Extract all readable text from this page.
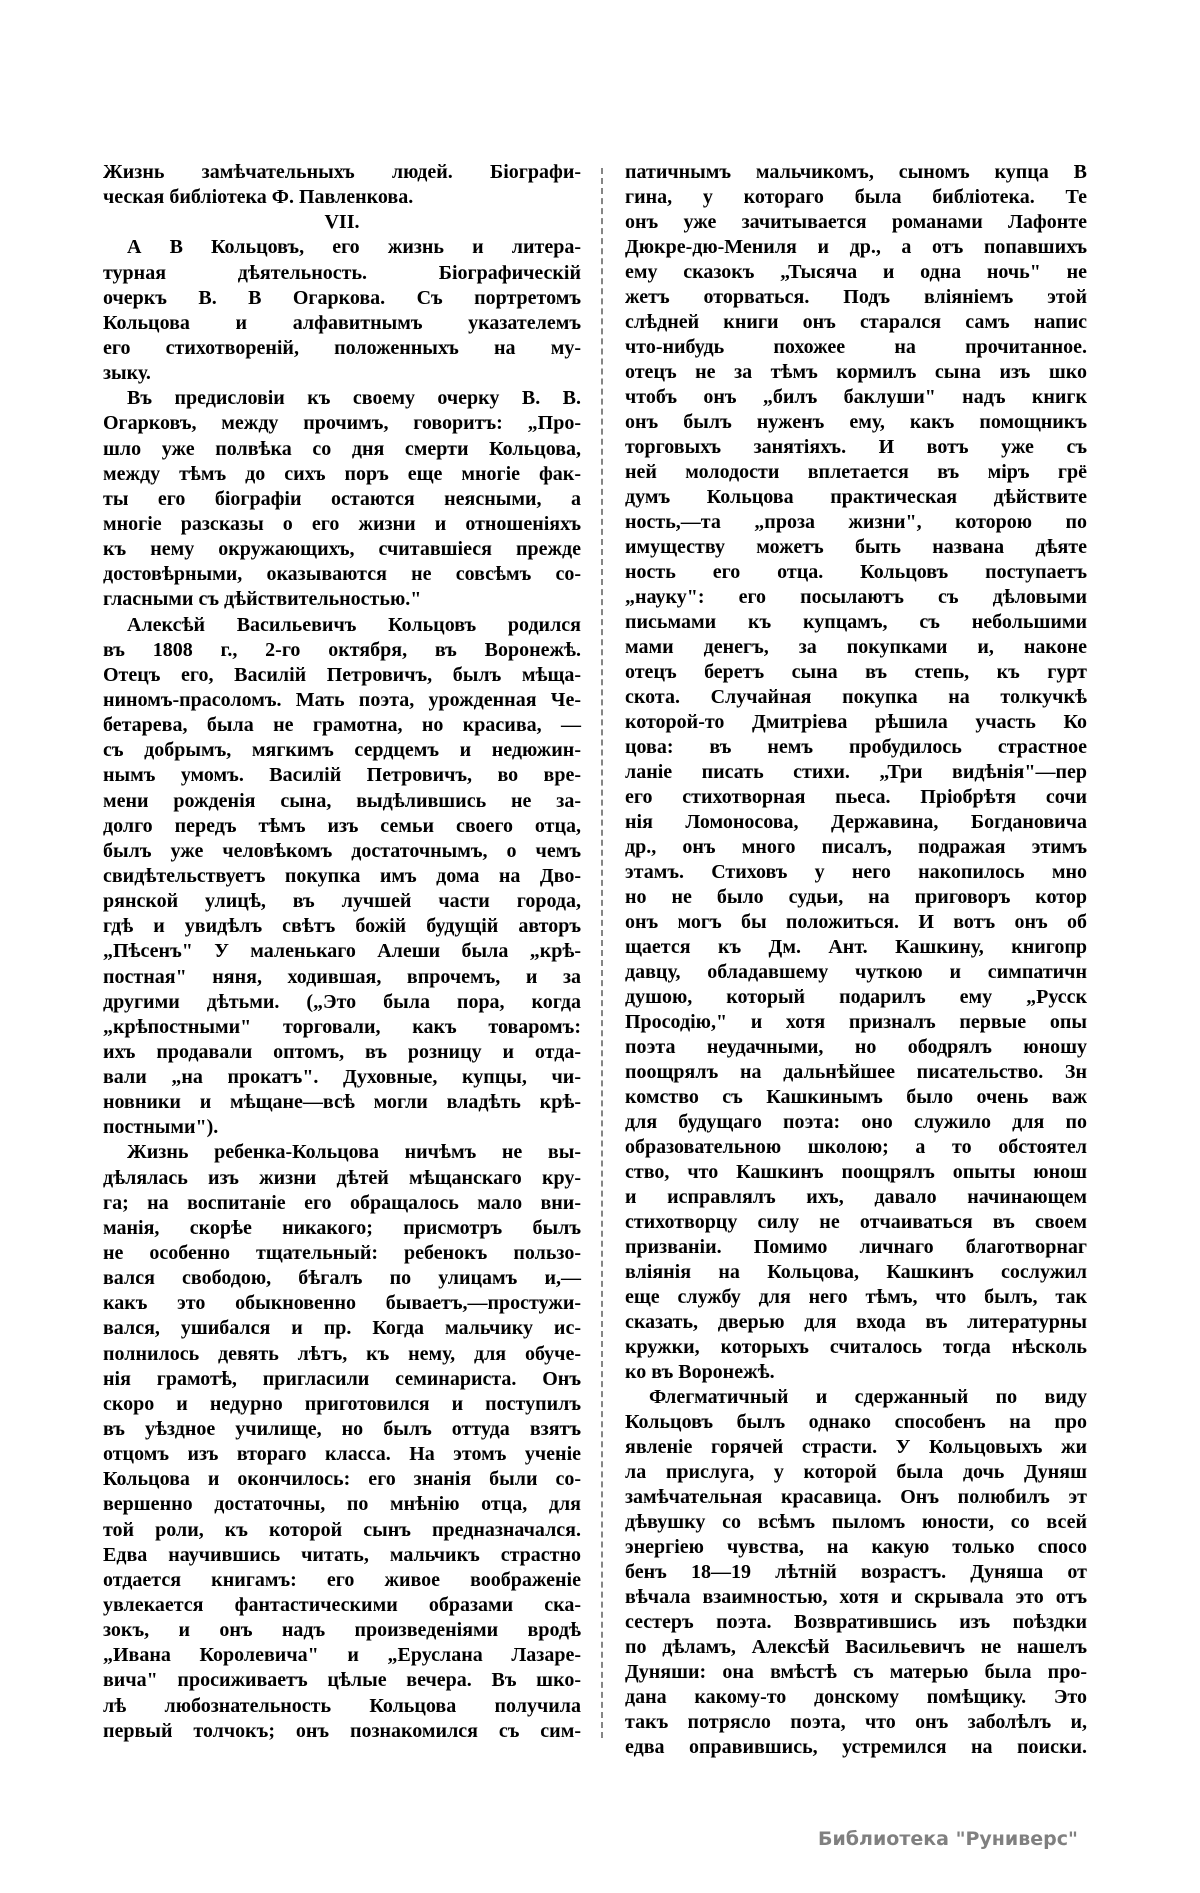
Жизнь замѣчательныхъ людей. Біографи-
ческая библіотека Ф. Павленкова.
VII.
А В Кольцовъ, его жизнь и литера-
турная дѣятельность. Біографическій
очеркъ В. В Огаркова. Съ портретомъ
Кольцова и алфавитнымъ указателемъ
его стихотвореній, положенныхъ на му-
зыку.
Въ предисловіи къ своему очерку В. В.
Огарковъ, между прочимъ, говоритъ: „Про-
шло уже полвѣка со дня смерти Кольцова,
между тѣмъ до сихъ поръ еще многіе фак-
ты его біографіи остаются неясными, а
многіе разсказы о его жизни и отношеніяхъ
къ нему окружающихъ, считавшіеся прежде
достовѣрными, оказываются не совсѣмъ со-
гласными съ дѣйствительностью."
Алексѣй Васильевичъ Кольцовъ родился
въ 1808 г., 2-го октября, въ Воронежѣ.
Отецъ его, Василій Петровичъ, былъ мѣща-
ниномъ-прасоломъ. Мать поэта, урожденная Че-
бетарева, была не грамотна, но красива, —
съ добрымъ, мягкимъ сердцемъ и недюжин-
нымъ умомъ. Василій Петровичъ, во вре-
мени рожденія сына, выдѣлившись не за-
долго передъ тѣмъ изъ семьи своего отца,
былъ уже человѣкомъ достаточнымъ, о чемъ
свидѣтельствуетъ покупка имъ дома на Дво-
рянской улицѣ, въ лучшей части города,
гдѣ и увидѣлъ свѣтъ божій будущій авторъ
„Пѣсенъ" У маленькаго Алеши была „крѣ-
постная" няня, ходившая, впрочемъ, и за
другими дѣтьми. („Это была пора, когда
„крѣпостными" торговали, какъ товаромъ:
ихъ продавали оптомъ, въ розницу и отда-
вали „на прокатъ". Духовные, купцы, чи-
новники и мѣщане—всѣ могли владѣть крѣ-
постными").
Жизнь ребенка-Кольцова ничѣмъ не вы-
дѣлялась изъ жизни дѣтей мѣщанскаго кру-
га; на воспитаніе его обращалось мало вни-
манія, скорѣе никакого; присмотръ былъ
не особенно тщательный: ребенокъ пользо-
вался свободою, бѣгалъ по улицамъ и,—
какъ это обыкновенно бываетъ,—простужи-
вался, ушибался и пр. Когда мальчику ис-
полнилось девять лѣтъ, къ нему, для обуче-
нія грамотѣ, пригласили семинариста. Онъ
скоро и недурно приготовился и поступилъ
въ уѣздное училище, но былъ оттуда взятъ
отцомъ изъ втораго класса. На этомъ ученіе
Кольцова и окончилось: его знанія были со-
вершенно достаточны, по мнѣнію отца, для
той роли, къ которой сынъ предназначался.
Едва научившись читать, мальчикъ страстно
отдается книгамъ: его живое воображеніе
увлекается фантастическими образами ска-
зокъ, и онъ надъ произведеніями вродѣ
„Ивана Королевича" и „Еруслана Лазаре-
вича" просиживаетъ цѣлые вечера. Въ шко-
лѣ любознательность Кольцова получила
первый толчокъ; онъ познакомился съ сим-
патичнымъ мальчикомъ, сыномъ купца В
гина, у котораго была библіотека. Те
онъ уже зачитывается романами Лафонте
Дюкре-дю-Мениля и др., а отъ попавшихъ
ему сказокъ „Тысяча и одна ночь" не
жетъ оторваться. Подъ вліяніемъ этой
слѣдней книги онъ старался самъ напис
что-нибудь похожее на прочитанное.
отецъ не за тѣмъ кормилъ сына изъ шко
чтобъ онъ „билъ баклуши" надъ книгк
онъ былъ нуженъ ему, какъ помощникъ
торговыхъ занятіяхъ. И вотъ уже съ
ней молодости вплетается въ міръ грё
думъ Кольцова практическая дѣйствите
ность,—та „проза жизни", которою по
имуществу можетъ быть названа дѣяте
ность его отца. Кольцовъ поступаетъ
„науку": его посылаютъ съ дѣловыми
письмами къ купцамъ, съ небольшими
мами денегъ, за покупками и, наконе
отецъ беретъ сына въ степь, къ гурт
скота. Случайная покупка на толкучкѣ
которой-то Дмитріева рѣшила участь Ко
цова: въ немъ пробудилось страстное
ланіе писать стихи. „Три видѣнія"—пер
его стихотворная пьеса. Пріобрѣтя сочи
нія Ломоносова, Державина, Богдановича
др., онъ много писалъ, подражая этимъ
этамъ. Стиховъ у него накопилось мно
но не было судьи, на приговоръ котор
онъ могъ бы положиться. И вотъ онъ об
щается къ Дм. Ант. Кашкину, книгопр
давцу, обладавшему чуткою и симпатичн
душою, который подарилъ ему „Русск
Просодію," и хотя призналъ первые опы
поэта неудачными, но ободрялъ юношу
поощрялъ на дальнѣйшее писательство. Зн
комство съ Кашкинымъ было очень важ
для будущаго поэта: оно служило для по
образовательною школою; а то обстоятел
ство, что Кашкинъ поощрялъ опыты юнош
и исправлялъ ихъ, давало начинающем
стихотворцу силу не отчаиваться въ своем
призваніи. Помимо личнаго благотворнаг
вліянія на Кольцова, Кашкинъ сослужил
еще службу для него тѣмъ, что былъ, так
сказать, дверью для входа въ литературны
кружки, которыхъ считалось тогда нѣсколь
ко въ Воронежѣ.
Флегматичный и сдержанный по виду
Кольцовъ былъ однако способенъ на про
явленіе горячей страсти. У Кольцовыхъ жи
ла прислуга, у которой была дочь Дуняш
замѣчательная красавица. Онъ полюбилъ эт
дѣвушку со всѣмъ пыломъ юности, со всей
энергіею чувства, на какую только спосо
бенъ 18—19 лѣтній возрастъ. Дуняша от
вѣчала взаимностью, хотя и скрывала это отъ
сестеръ поэта. Возвратившись изъ поѣздки
по дѣламъ, Алексѣй Васильевичъ не нашелъ
Дуняши: она вмѣстѣ съ матерью была про-
дана какому-то донскому помѣщику. Это
такъ потрясло поэта, что онъ заболѣлъ и,
едва оправившись, устремился на поиски.
Библиотека "Руниверс"
